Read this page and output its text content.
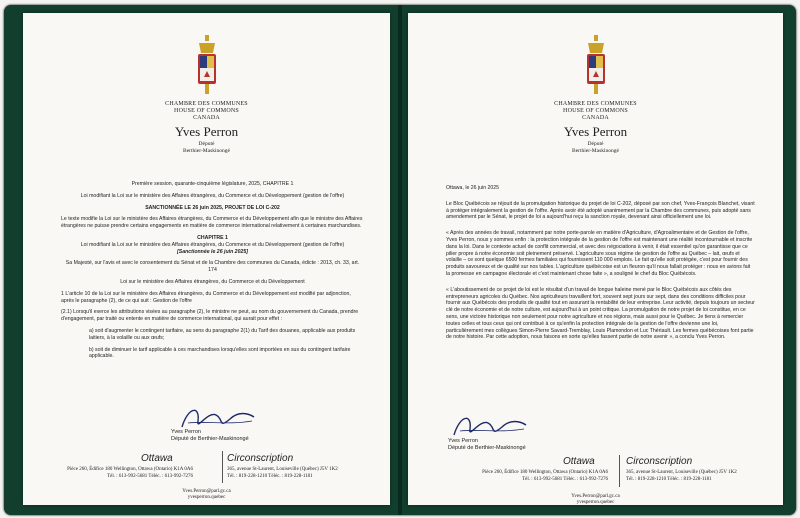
CHAMBRE DES COMMUNES
HOUSE OF COMMONS
CANADA
Yves Perron
Député
Berthier-Maskinongé
Première session, quarante-cinquième législature, 2025, CHAPITRE 1
Loi modifiant la Loi sur le ministère des Affaires étrangères, du Commerce et du Développement (gestion de l'offre)
SANCTIONNÉE LE 26 juin 2025, PROJET DE LOI C-202
Le texte modifie la Loi sur le ministère des Affaires étrangères, du Commerce et du Développement afin que le ministre des Affaires étrangères ne puisse prendre certains engagements en matière de commerce international relativement à certaines marchandises.
CHAPITRE 1
Loi modifiant la Loi sur le ministère des Affaires étrangères, du Commerce et du Développement (gestion de l'offre)
[Sanctionnée le 26 juin 2025]
Sa Majesté, sur l'avis et avec le consentement du Sénat et de la Chambre des communes du Canada, édicte : 2013, ch. 33, art. 174
Loi sur le ministère des Affaires étrangères, du Commerce et du Développement
1 L'article 10 de la Loi sur le ministère des Affaires étrangères, du Commerce et du Développement est modifié par adjonction, après le paragraphe (2), de ce qui suit : Gestion de l'offre
(2.1) Lorsqu'il exerce les attributions visées au paragraphe (2), le ministre ne peut, au nom du gouvernement du Canada, prendre d'engagement, par traité ou entente en matière de commerce international, qui aurait pour effet :
a) soit d'augmenter le contingent tarifaire, au sens du paragraphe 2(1) du Tarif des douanes, applicable aux produits laitiers, à la volaille ou aux œufs;
b) soit de diminuer le tarif applicable à ces marchandises lorsqu'elles sont importées en sus du contingent tarifaire applicable.
Yves Perron
Député de Berthier-Maskinongé
Ottawa	Circonscription
Pièce 260, Édifice 180 Wellington, Ottawa (Ontario) K1A 0A6
Tél. : 613-992-5681 Téléc. : 613-992-7276
365, avenue St-Laurent, Louiseville (Québec) J5V 1K2
Tél. : 819-228-1210 Téléc. : 819-228-1181
Yves.Perron@parl.gc.ca
yvesperron.quebec
CHAMBRE DES COMMUNES
HOUSE OF COMMONS
CANADA
Yves Perron
Député
Berthier-Maskinongé
Ottawa, le 26 juin 2025
Le Bloc Québécois se réjouit de la promulgation historique du projet de loi C-202, déposé par son chef, Yves-François Blanchet, visant à protéger intégralement la gestion de l'offre. Après avoir été adopté unanimement par la Chambre des communes, puis adopté sans amendement par le Sénat, le projet de loi a aujourd'hui reçu la sanction royale, devenant ainsi officiellement une loi.
« Après des années de travail, notamment par notre porte-parole en matière d'Agriculture, d'Agroalimentaire et de Gestion de l'offre, Yves Perron, nous y sommes enfin : la protection intégrale de la gestion de l'offre est maintenant une réalité incontournable et inscrite dans la loi. Dans le contexte actuel de conflit commercial, et avec des négociations à venir, il était essentiel qu'on garantisse que ce pilier propre à notre économie soit pleinement préservé. L'agriculture sous régime de gestion de l'offre au Québec – lait, œufs et volaille – ce sont quelque 6500 fermes familiales qui fournissent 110 000 emplois. Le fait qu'elle soit protégée, c'est pour fournir des produits savoureux et de qualité sur nos tables. L'agriculture québécoise est un fleuron qu'il nous fallait protéger : nous en avions fait la promesse en campagne électorale et c'est maintenant chose faite », a souligné le chef du Bloc Québécois.
« L'aboutissement de ce projet de loi est le résultat d'un travail de longue haleine mené par le Bloc Québécois aux côtés des entrepreneurs agricoles du Québec. Nos agriculteurs travaillent fort, souvent sept jours sur sept, dans des conditions difficiles pour fournir aux Québécois des produits de qualité tout en assurant la rentabilité de leur entreprise. Leur activité, depuis toujours un secteur clé de notre économie et de notre culture, est aujourd'hui à un point critique. La promulgation de notre projet de loi constitue, en ce sens, une victoire historique non seulement pour notre agriculture et nos régions, mais aussi pour le Québec. Je tiens à remercier toutes celles et tous ceux qui ont contribué à ce qu'enfin la protection intégrale de la gestion de l'offre devienne une loi, particulièrement mes collègues Simon-Pierre Savard-Tremblay, Louis Plamondon et Luc Thériault. Les fermes québécoises font partie de notre histoire. Par cette adoption, nous faisons en sorte qu'elles fassent partie de notre avenir », a conclu Yves Perron.
Yves Perron
Député de Berthier-Maskinongé
Ottawa	Circonscription
Pièce 260, Édifice 180 Wellington, Ottawa (Ontario) K1A 0A6
Tél. : 613-992-5681 Téléc. : 613-992-7276
365, avenue St-Laurent, Louiseville (Québec) J5V 1K2
Tél. : 819-228-1210 Téléc. : 819-228-1181
Yves.Perron@parl.gc.ca
yvesperron.quebec
